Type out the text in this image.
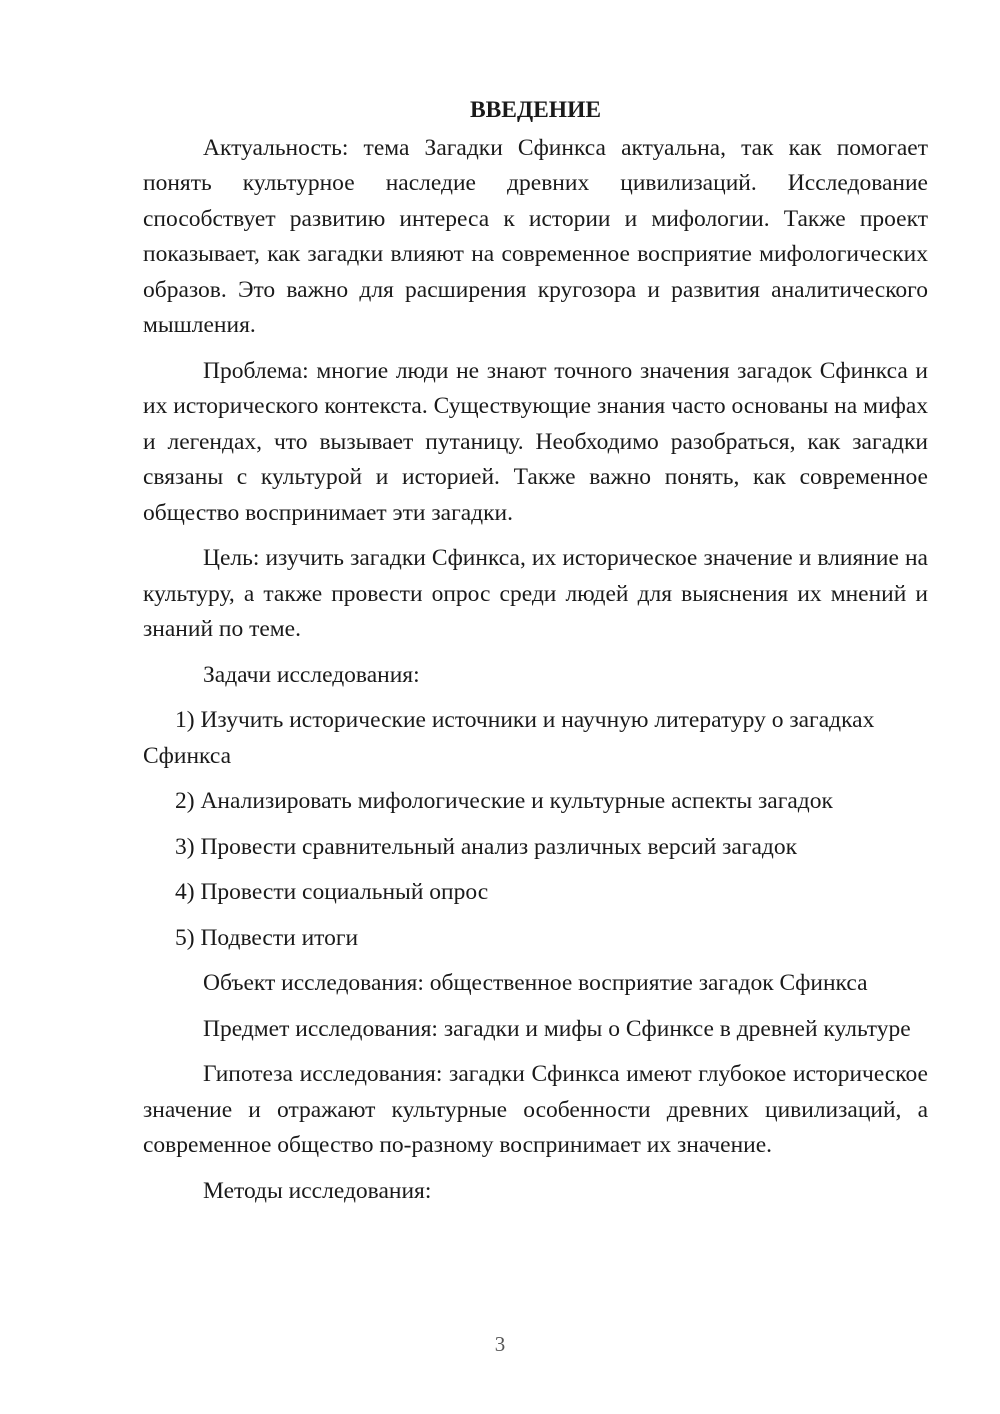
ВВЕДЕНИЕ

Актуальность: тема Загадки Сфинкса актуальна, так как помогает понять культурное наследие древних цивилизаций. Исследование способствует развитию интереса к истории и мифологии. Также проект показывает, как загадки влияют на современное восприятие мифологических образов. Это важно для расширения кругозора и развития аналитического мышления.

Проблема: многие люди не знают точного значения загадок Сфинкса и их исторического контекста. Существующие знания часто основаны на мифах и легендах, что вызывает путаницу. Необходимо разобраться, как загадки связаны с культурой и историей. Также важно понять, как современное общество воспринимает эти загадки.

Цель: изучить загадки Сфинкса, их историческое значение и влияние на культуру, а также провести опрос среди людей для выяснения их мнений и знаний по теме.

Задачи исследования:

1) Изучить исторические источники и научную литературу о загадках Сфинкса

2) Анализировать мифологические и культурные аспекты загадок

3) Провести сравнительный анализ различных версий загадок

4) Провести социальный опрос

5) Подвести итоги

Объект исследования: общественное восприятие загадок Сфинкса

Предмет исследования: загадки и мифы о Сфинксе в древней культуре

Гипотеза исследования: загадки Сфинкса имеют глубокое историческое значение и отражают культурные особенности древних цивилизаций, а современное общество по-разному воспринимает их значение.

Методы исследования:

3
